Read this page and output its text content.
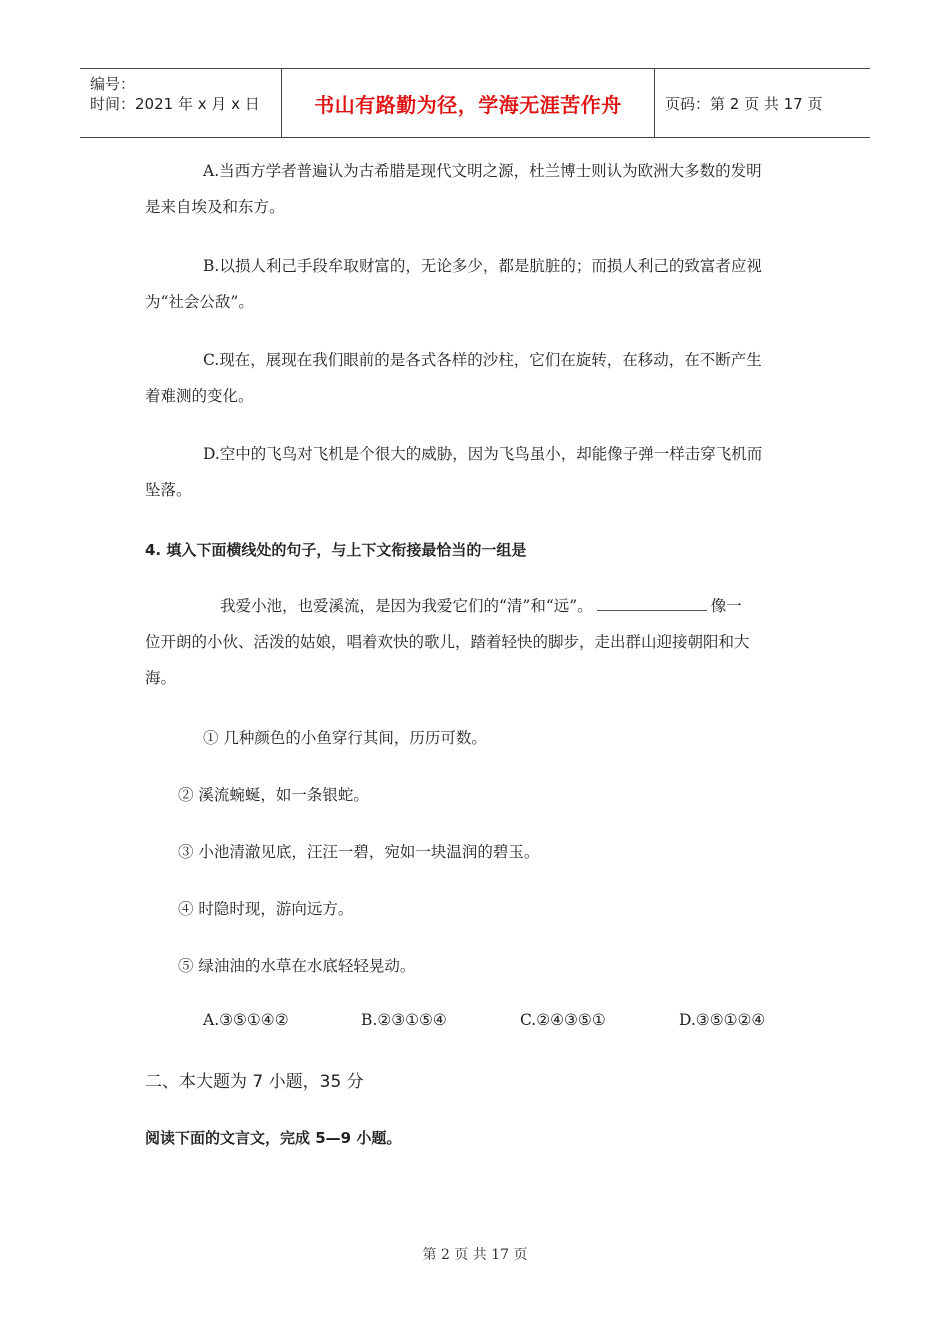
编号：
时间：2021 年 x 月 x 日	书山有路勤为径，学海无涯苦作舟	页码：第 2 页 共 17 页
A.当西方学者普遍认为古希腊是现代文明之源，杜兰博士则认为欧洲大多数的发明
是来自埃及和东方。
B.以损人利己手段牟取财富的，无论多少，都是肮脏的；而损人利己的致富者应视
为“社会公敌”。
C.现在，展现在我们眼前的是各式各样的沙柱，它们在旋转，在移动，在不断产生
着难测的变化。
D.空中的飞鸟对飞机是个很大的威胁，因为飞鸟虽小，却能像子弹一样击穿飞机而
坠落。
4. 填入下面横线处的句子，与上下文衔接最恰当的一组是
我爱小池，也爱溪流，是因为我爱它们的“清”和“远”。	像一
位开朗的小伙、活泼的姑娘，唱着欢快的歌儿，踏着轻快的脚步，走出群山迎接朝阳和大
海。
① 几种颜色的小鱼穿行其间，历历可数。
② 溪流蜿蜒，如一条银蛇。
③ 小池清澈见底，汪汪一碧，宛如一块温润的碧玉。
④ 时隐时现，游向远方。
⑤ 绿油油的水草在水底轻轻晃动。
A.③⑤①④②	B.②③①⑤④	C.②④③⑤①	D.③⑤①②④
二、本大题为 7 小题，35 分
阅读下面的文言文，完成 5—9 小题。
第 2 页 共 17 页
